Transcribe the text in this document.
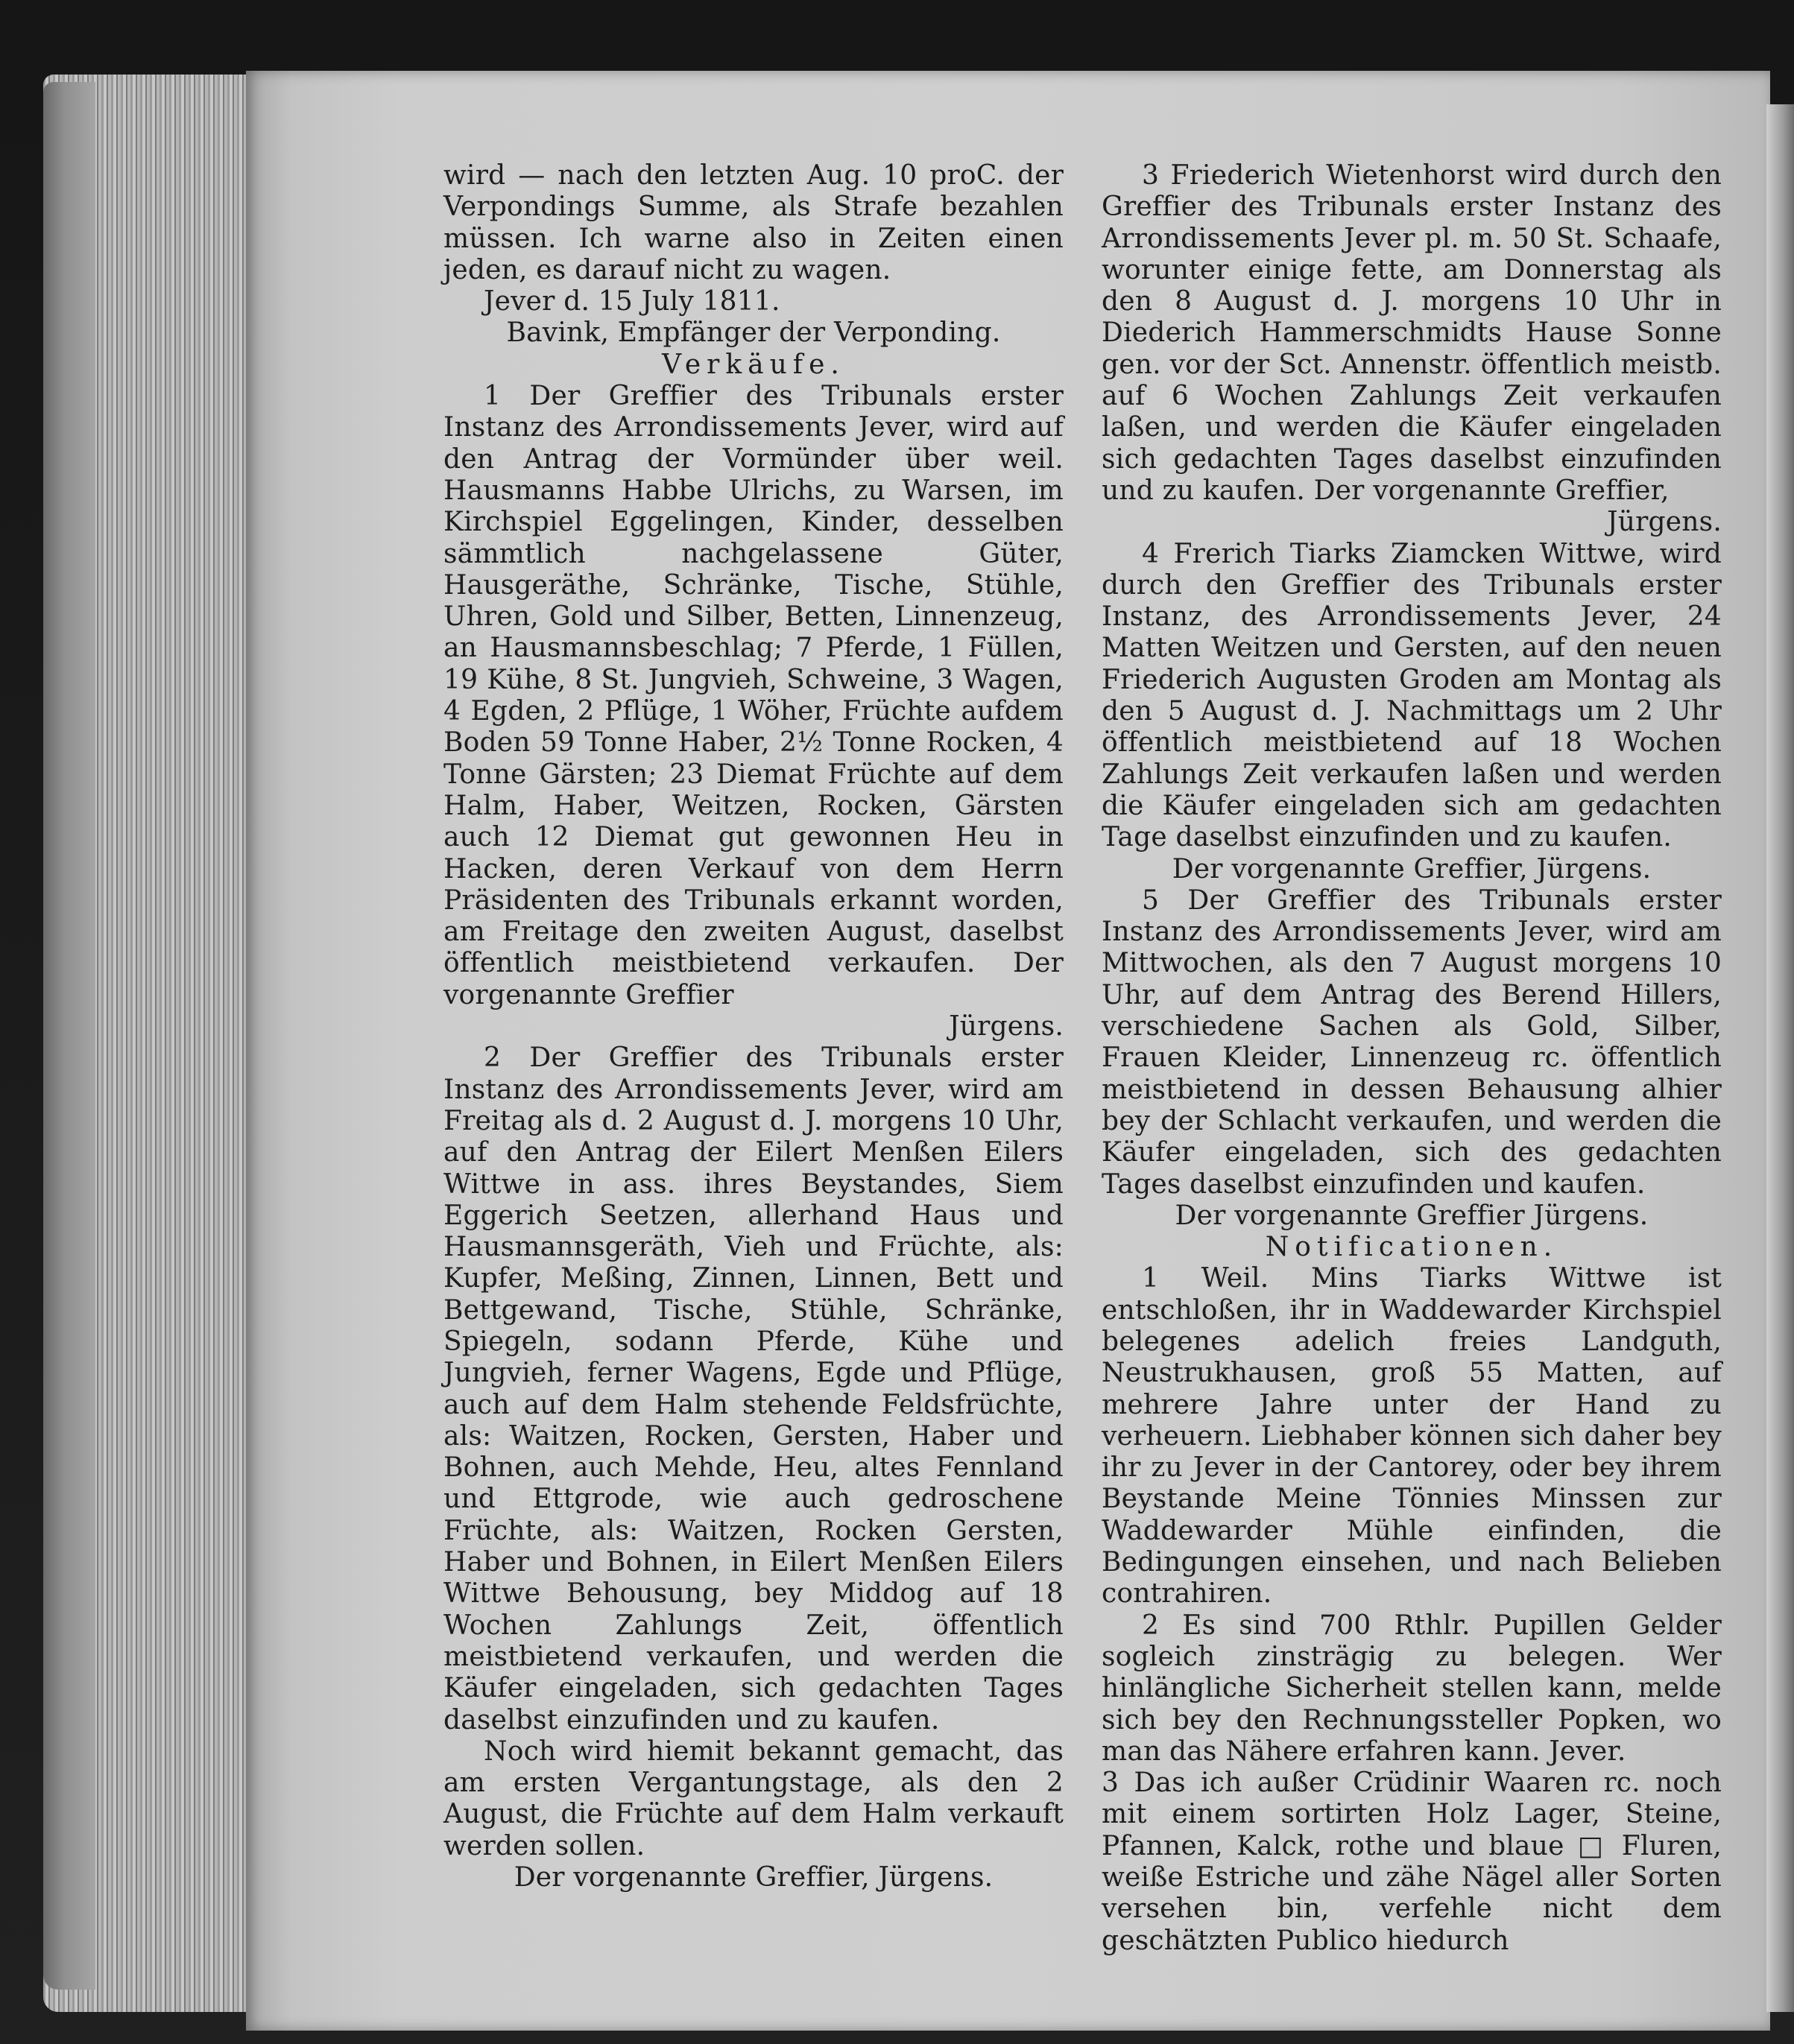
wird — nach den letzten Aug. 10 proC. der Verpondings Summe, als Strafe bezahlen müssen. Ich warne also in Zeiten einen jeden, es darauf nicht zu wagen.

Jever d. 15 July 1811.

Bavink, Empfänger der Verponding.

Verkäufe.

1 Der Greffier des Tribunals erster Instanz des Arrondissements Jever, wird auf den Antrag der Vormünder über weil. Hausmanns Habbe Ulrichs, zu Warsen, im Kirchspiel Eggelingen, Kinder, desselben sämmtlich nachgelassene Güter, Hausgeräthe, Schränke, Tische, Stühle, Uhren, Gold und Silber, Betten, Linnenzeug, an Hausmannsbeschlag; 7 Pferde, 1 Füllen, 19 Kühe, 8 St. Jungvieh, Schweine, 3 Wagen, 4 Egden, 2 Pflüge, 1 Wöher, Früchte aufdem Boden 59 Tonne Haber, 2½ Tonne Rocken, 4 Tonne Gärsten; 23 Diemat Früchte auf dem Halm, Haber, Weitzen, Rocken, Gärsten auch 12 Diemat gut gewonnen Heu in Hacken, deren Verkauf von dem Herrn Präsidenten des Tribunals erkannt worden, am Freitage den zweiten August, daselbst öffentlich meistbietend verkaufen. Der vorgenannte Greffier

Jürgens.

2 Der Greffier des Tribunals erster Instanz des Arrondissements Jever, wird am Freitag als d. 2 August d. J. morgens 10 Uhr, auf den Antrag der Eilert Menßen Eilers Wittwe in ass. ihres Beystandes, Siem Eggerich Seetzen, allerhand Haus und Hausmannsgeräth, Vieh und Früchte, als: Kupfer, Meßing, Zinnen, Linnen, Bett und Bettgewand, Tische, Stühle, Schränke, Spiegeln, sodann Pferde, Kühe und Jungvieh, ferner Wagens, Egde und Pflüge, auch auf dem Halm stehende Feldsfrüchte, als: Waitzen, Rocken, Gersten, Haber und Bohnen, auch Mehde, Heu, altes Fennland und Ettgrode, wie auch gedroschene Früchte, als: Waitzen, Rocken Gersten, Haber und Bohnen, in Eilert Menßen Eilers Wittwe Behousung, bey Middog auf 18 Wochen Zahlungs Zeit, öffentlich meistbietend verkaufen, und werden die Käufer eingeladen, sich gedachten Tages daselbst einzufinden und zu kaufen.

Noch wird hiemit bekannt gemacht, das am ersten Vergantungstage, als den 2 August, die Früchte auf dem Halm verkauft werden sollen.

Der vorgenannte Greffier, Jürgens.

3 Friederich Wietenhorst wird durch den Greffier des Tribunals erster Instanz des Arrondissements Jever pl. m. 50 St. Schaafe, worunter einige fette, am Donnerstag als den 8 August d. J. morgens 10 Uhr in Diederich Hammerschmidts Hause Sonne gen. vor der Sct. Annenstr. öffentlich meistb. auf 6 Wochen Zahlungs Zeit verkaufen laßen, und werden die Käufer eingeladen sich gedachten Tages daselbst einzufinden und zu kaufen. Der vorgenannte Greffier,

Jürgens.

4 Frerich Tiarks Ziamcken Wittwe, wird durch den Greffier des Tribunals erster Instanz, des Arrondissements Jever, 24 Matten Weitzen und Gersten, auf den neuen Friederich Augusten Groden am Montag als den 5 August d. J. Nachmittags um 2 Uhr öffentlich meistbietend auf 18 Wochen Zahlungs Zeit verkaufen laßen und werden die Käufer eingeladen sich am gedachten Tage daselbst einzufinden und zu kaufen.

Der vorgenannte Greffier, Jürgens.

5 Der Greffier des Tribunals erster Instanz des Arrondissements Jever, wird am Mittwochen, als den 7 August morgens 10 Uhr, auf dem Antrag des Berend Hillers, verschiedene Sachen als Gold, Silber, Frauen Kleider, Linnenzeug rc. öffentlich meistbietend in dessen Behausung alhier bey der Schlacht verkaufen, und werden die Käufer eingeladen, sich des gedachten Tages daselbst einzufinden und kaufen.

Der vorgenannte Greffier Jürgens.

Notificationen.

1 Weil. Mins Tiarks Wittwe ist entschloßen, ihr in Waddewarder Kirchspiel belegenes adelich freies Landguth, Neustrukhausen, groß 55 Matten, auf mehrere Jahre unter der Hand zu verheuern. Liebhaber können sich daher bey ihr zu Jever in der Cantorey, oder bey ihrem Beystande Meine Tönnies Minssen zur Waddewarder Mühle einfinden, die Bedingungen einsehen, und nach Belieben contrahiren.

2 Es sind 700 Rthlr. Pupillen Gelder sogleich zinsträgig zu belegen. Wer hinlängliche Sicherheit stellen kann, melde sich bey den Rechnungssteller Popken, wo man das Nähere erfahren kann. Jever.

3 Das ich außer Crüdinir Waaren rc. noch mit einem sortirten Holz Lager, Steine, Pfannen, Kalck, rothe und blaue □ Fluren, weiße Estriche und zähe Nägel aller Sorten versehen bin, verfehle nicht dem geschätzten Publico hiedurch
